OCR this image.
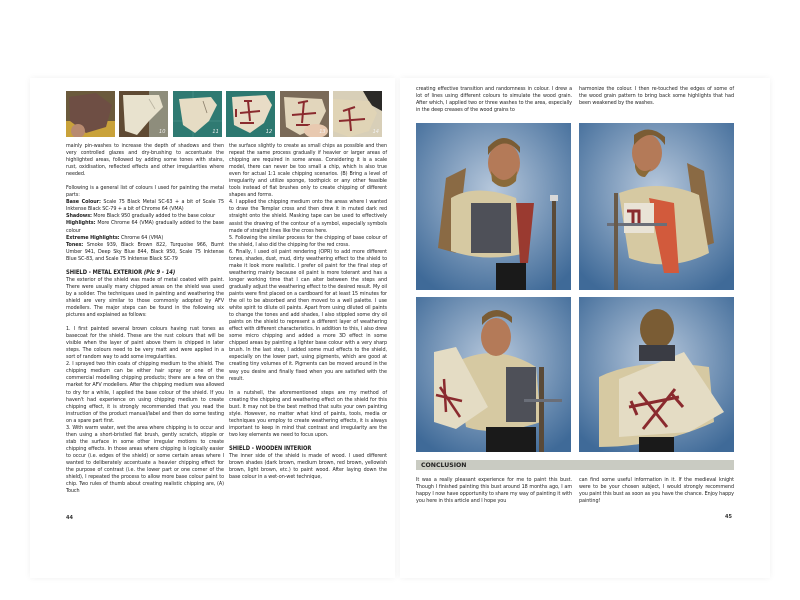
10	11	12	13	14

mainly pin-washes to increase the depth of shadows and then very controlled glazes and dry-brushing to accentuate the highlighted areas, followed by adding some tones with stains, rust, oxidisation, reflected effects and other irregularities where needed.

Following is a general list of colours I used for painting the metal parts:

Base Colour: Scale 75 Black Metal SC-63 + a bit of Scale 75 Inktense Black SC-79 + a bit of Chrome 64 (VMA)
Shadows: More Black 950 gradually added to the base colour
Highlights: More Chrome 64 (VMA) gradually added to the base colour
Extreme Highlights: Chrome 64 (VMA)
Tones: Smoke 939, Black Brown 822, Turquoise 966, Burnt Umber 941, Deep Sky Blue 844, Black 950, Scale 75 Inktense Blue SC-83, and Scale 75 Inktense Black SC-79
SHIELD - METAL EXTERIOR (Pic 9 - 14)

The exterior of the shield was made of metal coated with paint. There were usually many chipped areas on the shield was used by a solider. The techniques used in painting and weathering the shield are very similar to those commonly adopted by AFV modellers. The major steps can be found in the following six pictures and explained as follows:

1. I first painted several brown colours having rust tones as basecoat for the shield. These are the rust colours that will be visible when the layer of paint above them is chipped in later steps. The colours need to be very matt and were applied in a sort of random way to add some irregularities.

2. I sprayed two thin coats of chipping medium to the shield. The chipping medium can be either hair spray or one of the commercial modelling chipping products; there are a few on the market for AFV modellers. After the chipping medium was allowed to dry for a while, I applied the base colour of the shield. If you haven't had experience on using chipping medium to create chipping effect, it is strongly recommended that you read the instruction of the product manual/label and then do some testing on a spare part first.

3. With warm water, wet the area where chipping is to occur and then using a short-bristled flat brush, gently scratch, stipple or stab the surface in some other irregular motions to create chipping effects. In those areas where chipping is logically easier to occur (i.e. edges of the shield) or some certain areas where I wanted to deliberately accentuate a heavier chipping effect for the purpose of contrast (i.e. the lower part or one corner of the shield), I repeated the process to allow more base colour paint to chip. Two rules of thumb about creating realistic chipping are, (A) Touch

the surface slightly to create as small chips as possible and then repeat the same process gradually if heavier or larger areas of chipping are required in some areas. Considering it is a scale model, there can never be too small a chip, which is also true even for actual 1:1 scale chipping scenarios. (B) Bring a level of irregularity and utilize sponge, toothpick or any other feasible tools instead of flat brushes only to create chipping of different shapes and forms.

4. I applied the chipping medium onto the areas where I wanted to draw the Templar cross and then drew it in muted dark red straight onto the shield. Masking tape can be used to effectively assist the drawing of the contour of a symbol, especially symbols made of straight lines like the cross here.

5. Following the similar process for the chipping of base colour of the shield, I also did the chipping for the red cross.

6. Finally, I used oil paint rendering (OPR) to add more different tones, shades, dust, mud, dirty weathering effect to the shield to make it look more realistic. I prefer oil paint for the final step of weathering mainly because oil paint is more tolerant and has a longer working time that I can alter between the steps and gradually adjust the weathering effect to the desired result. My oil paints were first placed on a cardboard for at least 15 minutes for the oil to be absorbed and then moved to a well palette. I use white spirit to dilute oil paints. Apart from using diluted oil paints to change the tones and add shades, I also stippled some dry oil paints on the shield to represent a different layer of weathering effect with different characteristics. In addition to this, I also drew some micro chipping and added a more 3D effect in some chipped areas by painting a lighter base colour with a very sharp brush. In the last step, I added some mud effects to the shield, especially on the lower part, using pigments, which are good at creating tiny volumes of it. Pigments can be moved around in the way you desire and finally fixed when you are satisfied with the result.

In a nutshell, the aforementioned steps are my method of creating the chipping and weathering effect on the shield for this bust. It may not be the best method that suits your own painting style. However, no matter what kind of paints, tools, media or techniques you employ to create weathering effects, it is always important to keep in mind that contrast and irregularity are the two key elements we need to focus upon.

SHIELD - WOODEN INTERIOR

The inner side of the shield is made of wood. I used different brown shades (dark brown, medium brown, red brown, yellowish brown, light brown, etc.) to paint wood. After laying down the base colour in a wet-on-wet technique,

44

creating effective transition and randomness in colour. I drew a lot of lines using different colours to simulate the wood grain. After which, I applied two or three washes to the area, especially in the deep creases of the wood grains to

harmonize the colour. I then re-touched the edges of some of the wood grain pattern to bring back some highlights that had been weakened by the washes.

CONCLUSION

It was a really pleasant experience for me to paint this bust. Though I finished painting this bust around 18 months ago, I am happy I now have opportunity to share my way of painting it with you here in this article and I hope you

can find some useful information in it. If the medieval knight were to be your chosen subject, I would strongly recommend you paint this bust as soon as you have the chance. Enjoy happy painting!

45
